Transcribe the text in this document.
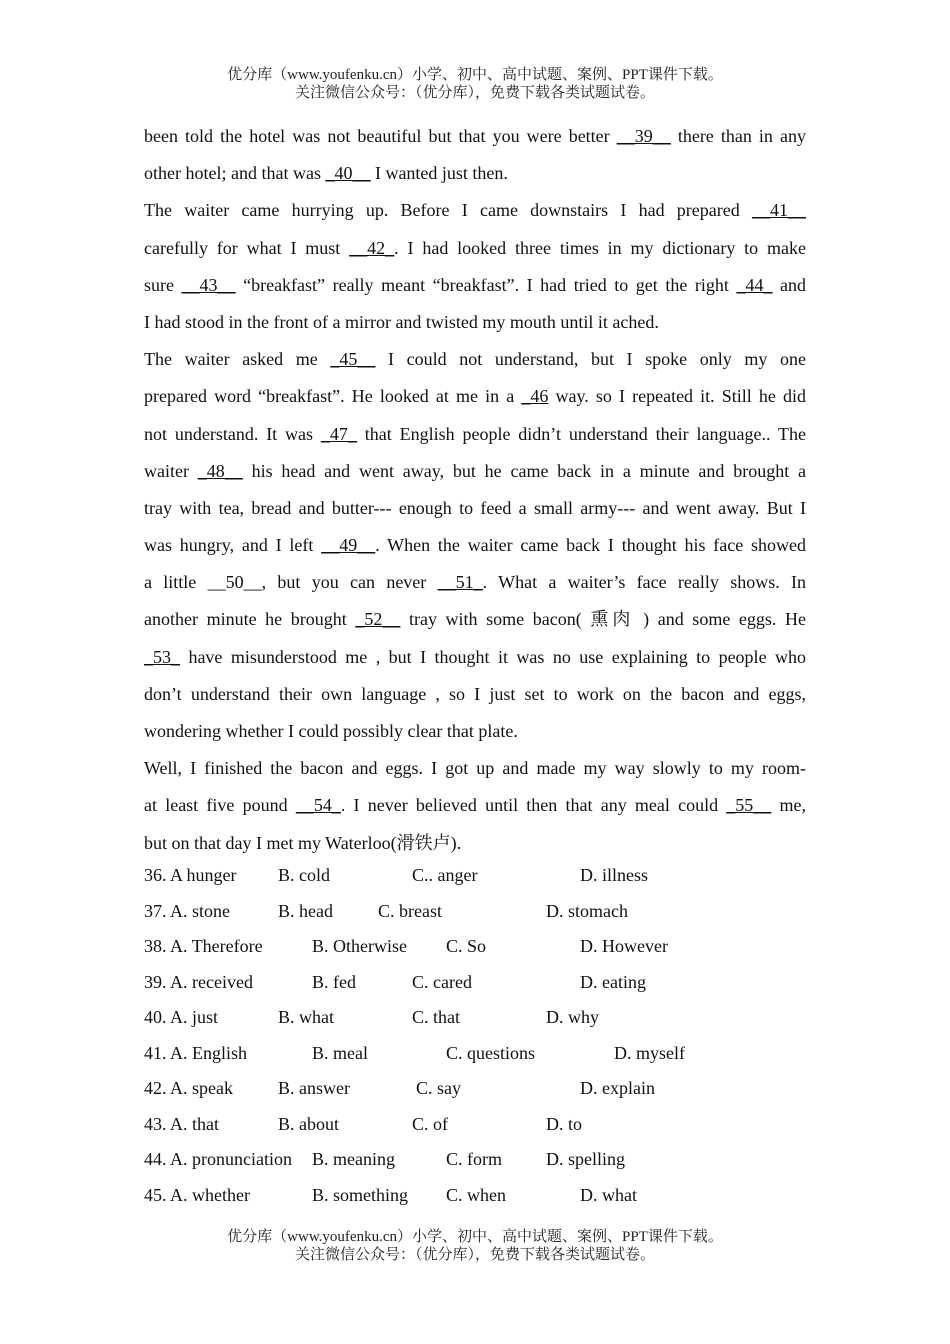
优分库（www.youfenku.cn）小学、初中、高中试题、案例、PPT课件下载。
关注微信公众号：（优分库），免费下载各类试题试卷。
been told the hotel was not beautiful but that you were better __39__ there than in any
other hotel; and that was _40__ I wanted just then.
The waiter came hurrying up. Before I came downstairs I had prepared __41__
carefully for what I must __42_. I had looked three times in my dictionary to make
sure __43__ “breakfast” really meant “breakfast”. I had tried to get the right _44_ and
I had stood in the front of a mirror and twisted my mouth until it ached.
The waiter asked me _45__ I could not understand, but I spoke only my one
prepared word “breakfast”. He looked at me in a _46 way. so I repeated it. Still he did
not understand. It was _47_ that English people didn’t understand their language.. The
waiter _48__ his head and went away, but he came back in a minute and brought a
tray with tea, bread and butter--- enough to feed a small army--- and went away. But I
was hungry, and I left __49__. When the waiter came back I thought his face showed
a little __50__, but you can never __51_. What a waiter’s face really shows. In
another minute he brought _52__ tray with some bacon( 熏肉 ) and some eggs. He
_53_ have misunderstood me , but I thought it was no use explaining to people who
don’t understand their own language , so I just set to work on the bacon and eggs,
wondering whether I could possibly clear that plate.
Well, I finished the bacon and eggs. I got up and made my way slowly to my room-
at least five pound __54_. I never believed until then that any meal could _55__ me,
but on that day I met my Waterloo(滑铁卢).
36. A hunger B. cold	C.. anger	D. illness
37. A. stone	B. head	C. breast	D. stomach
38. A. Therefore	B. Otherwise C. So	D. However
39. A. received	B. fed	C. cared	D. eating
40. A. just	B. what	C. that	D. why
41. A. English	B. meal	C. questions	D. myself
42. A. speak	B. answer	C. say	D. explain
43. A. that	B. about	C. of	D. to
44. A. pronunciation B. meaning	C. form D. spelling
45. A. whether	B. something C. when	D. what
优分库（www.youfenku.cn）小学、初中、高中试题、案例、PPT课件下载。
关注微信公众号：（优分库），免费下载各类试题试卷。
